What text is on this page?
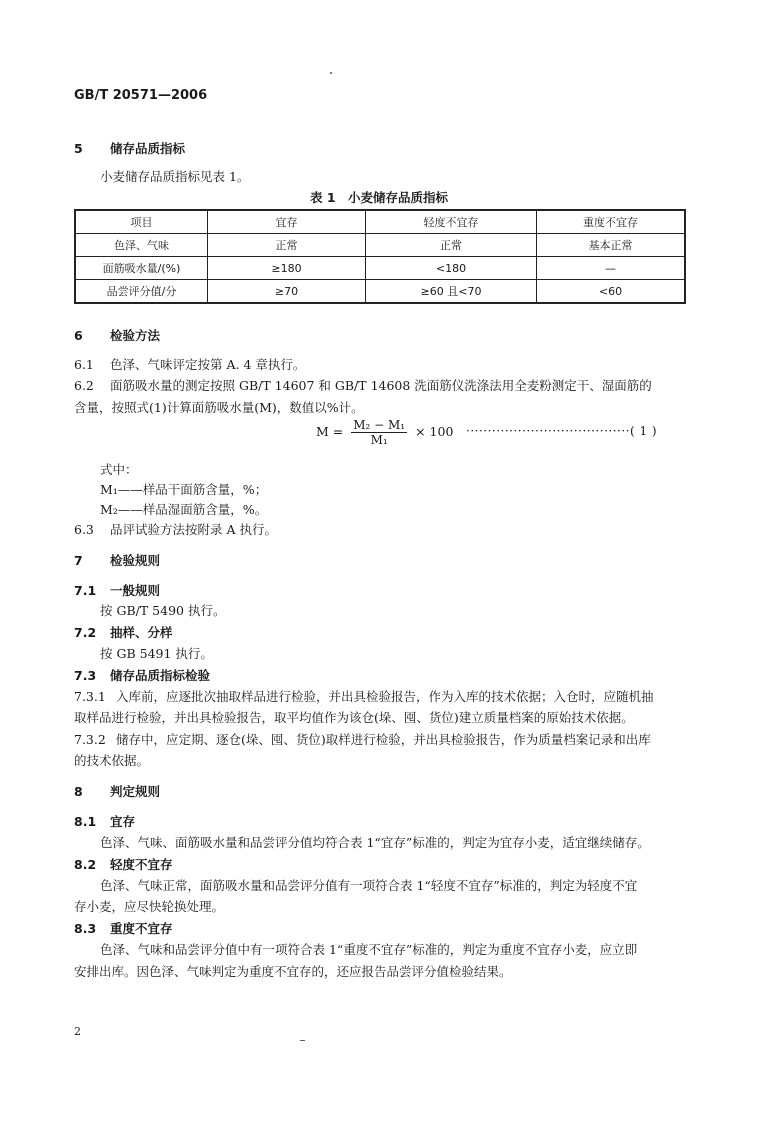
GB/T 20571—2006
5 储存品质指标
小麦储存品质指标见表 1。
表 1　小麦储存品质指标
项目	宜存	轻度不宜存	重度不宜存
色泽、气味	正常	正常	基本正常
面筋吸水量/(%)	≥180	<180	—
品尝评分值/分	≥70	≥60 且<70	<60
6 检验方法
6.1 色泽、气味评定按第 A. 4 章执行。
6.2 面筋吸水量的测定按照 GB/T 14607 和 GB/T 14608 洗面筋仪洗涤法用全麦粉测定干、湿面筋的
含量，按照式(1)计算面筋吸水量(M)，数值以%计。
$M = \frac{\text{M₂ − M₁}}{\text{M₁}} \times 100$ ······································( 1 )
式中：
M₁——样品干面筋含量，%；
M₂——样品湿面筋含量，%。
6.3 品评试验方法按附录 A 执行。
7 检验规则
7.1 一般规则
按 GB/T 5490 执行。
7.2 抽样、分样
按 GB 5491 执行。
7.3 储存品质指标检验
7.3.1 入库前，应逐批次抽取样品进行检验，并出具检验报告，作为入库的技术依据；入仓时，应随机抽
取样品进行检验，并出具检验报告，取平均值作为该仓(垛、囤、货位)建立质量档案的原始技术依据。
7.3.2 储存中，应定期、逐仓(垛、囤、货位)取样进行检验，并出具检验报告，作为质量档案记录和出库
的技术依据。
8 判定规则
8.1 宜存
色泽、气味、面筋吸水量和品尝评分值均符合表 1“宜存”标准的，判定为宜存小麦，适宜继续储存。
8.2 轻度不宜存
色泽、气味正常，面筋吸水量和品尝评分值有一项符合表 1“轻度不宜存”标准的，判定为轻度不宜
存小麦，应尽快轮换处理。
8.3 重度不宜存
色泽、气味和品尝评分值中有一项符合表 1“重度不宜存”标准的，判定为重度不宜存小麦，应立即
安排出库。因色泽、气味判定为重度不宜存的，还应报告品尝评分值检验结果。
2
